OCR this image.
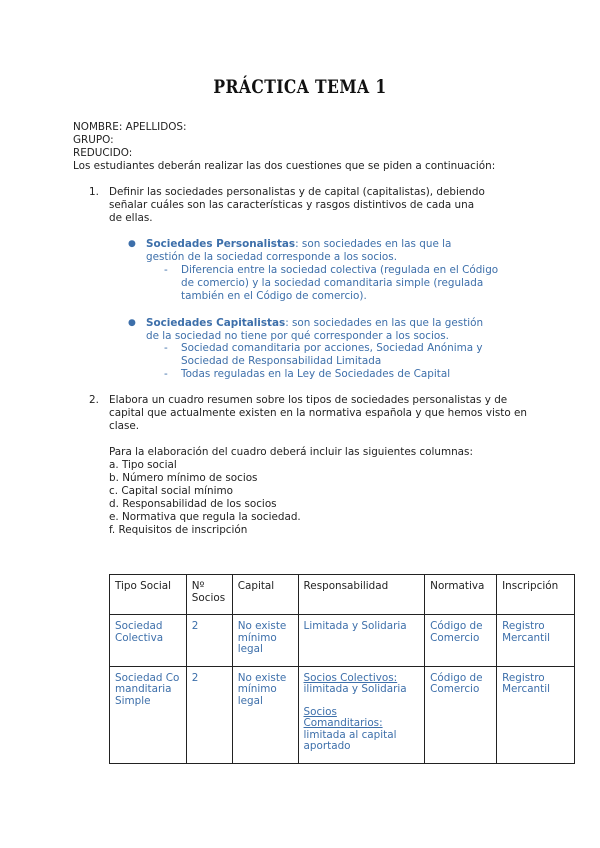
PRÁCTICA TEMA 1
NOMBRE: APELLIDOS:
GRUPO:
REDUCIDO:
Los estudiantes deberán realizar las dos cuestiones que se piden a continuación:
1. Definir las sociedades personalistas y de capital (capitalistas), debiendo señalar cuáles son las características y rasgos distintivos de cada una de ellas.
● Sociedades Personalistas: son sociedades en las que la gestión de la sociedad corresponde a los socios.
- Diferencia entre la sociedad colectiva (regulada en el Código de comercio) y la sociedad comanditaria simple (regulada también en el Código de comercio).
● Sociedades Capitalistas: son sociedades en las que la gestión de la sociedad no tiene por qué corresponder a los socios.
- Sociedad comanditaria por acciones, Sociedad Anónima y Sociedad de Responsabilidad Limitada
- Todas reguladas en la Ley de Sociedades de Capital
2. Elabora un cuadro resumen sobre los tipos de sociedades personalistas y de capital que actualmente existen en la normativa española y que hemos visto en clase.
Para la elaboración del cuadro deberá incluir las siguientes columnas:
a. Tipo social
b. Número mínimo de socios
c. Capital social mínimo
d. Responsabilidad de los socios
e. Normativa que regula la sociedad.
f. Requisitos de inscripción
Tipo Social	Nº Socios	Capital	Responsabilidad	Normativa	Inscripción
Sociedad Colectiva	2	No existe mínimo legal	Limitada y Solidaria	Código de Comercio	Registro Mercantil
Sociedad Comanditaria Simple	2	No existe mínimo legal	Socios Colectivos:
ilimitada y Solidaria
Socios Comanditarios:
limitada al capital aportado	Código de Comercio	Registro Mercantil
